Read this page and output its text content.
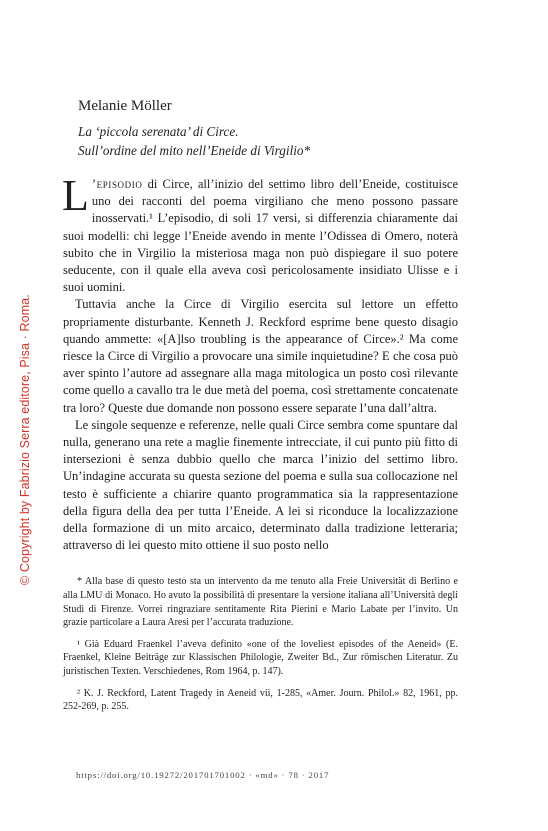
© Copyright by Fabrizio Serra editore, Pisa · Roma.
Melanie Möller
La ‘piccola serenata’ di Circe.
Sull’ordine del mito nell’Eneide di Virgilio*

L ’episodio di Circe, all’inizio del settimo libro dell’Eneide, costituisce uno dei racconti del poema virgiliano che meno possono passare inosservati.¹ L’episodio, di soli 17 versi, si differenzia chiaramente dai suoi modelli: chi legge l’Eneide avendo in mente l’Odissea di Omero, noterà subito che in Virgilio la misteriosa maga non può dispiegare il suo potere seducente, con il quale ella aveva così pericolosamente insidiato Ulisse e i suoi uomini.

Tuttavia anche la Circe di Virgilio esercita sul lettore un effetto propriamente disturbante. Kenneth J. Reckford esprime bene questo disagio quando ammette: «[A]lso troubling is the appearance of Circe».² Ma come riesce la Circe di Virgilio a provocare una simile inquietudine? E che cosa può aver spinto l’autore ad assegnare alla maga mitologica un posto così rilevante come quello a cavallo tra le due metà del poema, così strettamente concatenate tra loro? Queste due domande non possono essere separate l’una dall’altra.

Le singole sequenze e referenze, nelle quali Circe sembra come spuntare dal nulla, generano una rete a maglie finemente intrecciate, il cui punto più fitto di intersezioni è senza dubbio quello che marca l’inizio del settimo libro. Un’indagine accurata su questa sezione del poema e sulla sua collocazione nel testo è sufficiente a chiarire quanto programmatica sia la rappresentazione della figura della dea per tutta l’Eneide. A lei si riconduce la localizzazione della formazione di un mito arcaico, determinato dalla tradizione letteraria; attraverso di lei questo mito ottiene il suo posto nello

* Alla base di questo testo sta un intervento da me tenuto alla Freie Universität di Berlino e alla LMU di Monaco. Ho avuto la possibilità di presentare la versione italiana all’Università degli Studi di Firenze. Vorrei ringraziare sentitamente Rita Pierini e Mario Labate per l’invito. Un grazie particolare a Laura Aresi per l’accurata traduzione.

¹ Già Eduard Fraenkel l’aveva definito «one of the loveliest episodes of the Aeneid» (E. Fraenkel, Kleine Beiträge zur Klassischen Philologie, Zweiter Bd., Zur römischen Literatur. Zu juristischen Texten. Verschiedenes, Rom 1964, p. 147).

² K. J. Reckford, Latent Tragedy in Aeneid vii, 1-285, «Amer. Journ. Philol.» 82, 1961, pp. 252-269, p. 255.

https://doi.org/10.19272/201701701002 · «md» · 78 · 2017
